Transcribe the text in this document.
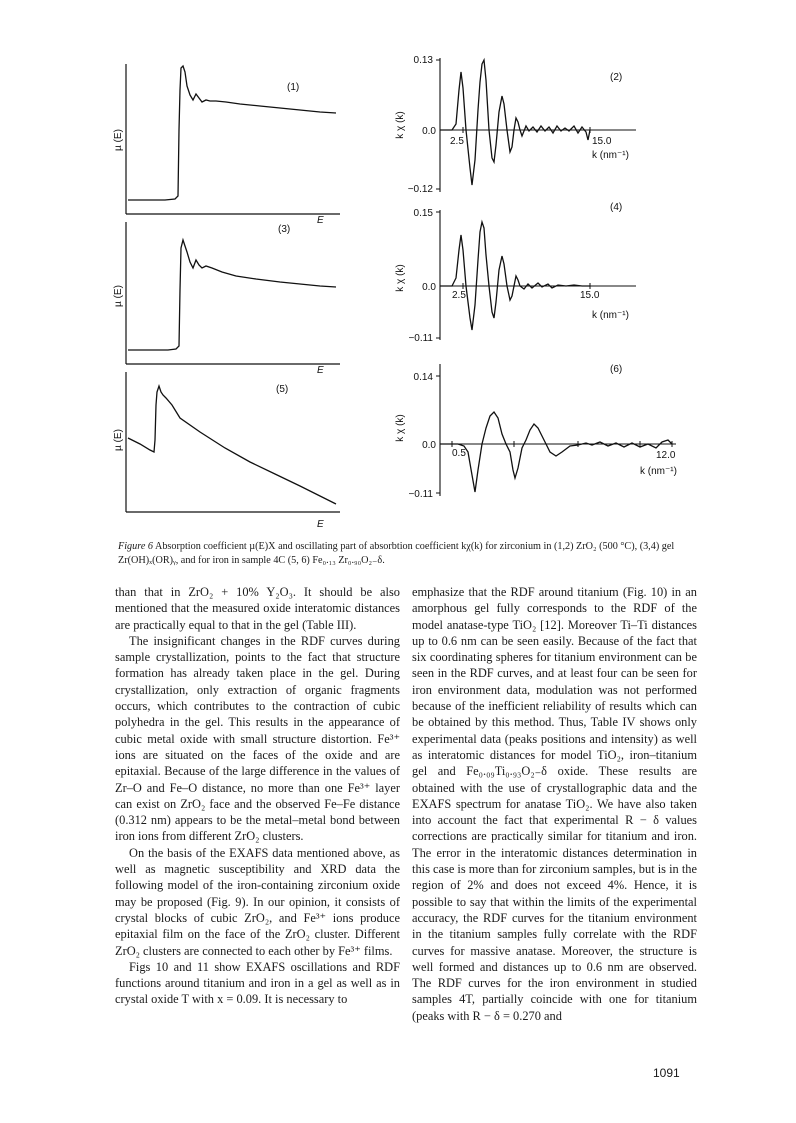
(1)
µ (E)
E
(3)
µ (E)
E
(5)
µ (E)
E
0.13
0.0
−0.12
2.5	15.0
k (nm⁻¹)
k χ (k)
(2)
0.15
0.0
−0.11
2.5	15.0
k (nm⁻¹)
k χ (k)
(4)
0.14
0.0
−0.11
0.5	12.0
k (nm⁻¹)
k χ (k)
(6)
Figure 6 Absorption coefficient µ(E)X and oscillating part of absorbtion coefficient kχ(k) for zirconium in (1,2) ZrO₂ (500 °C), (3,4) gel Zr(OH)ₓ(OR)ᵧ, and for iron in sample 4C (5, 6) Fe₀.₁₃ Zr₀.₉₀O₂₋δ.

than that in ZrO₂ + 10% Y₂O₃. It should be also mentioned that the measured oxide interatomic distances are practically equal to that in the gel (Table III).

The insignificant changes in the RDF curves during sample crystallization, points to the fact that structure formation has already taken place in the gel. During crystallization, only extraction of organic fragments occurs, which contributes to the contraction of cubic polyhedra in the gel. This results in the appearance of cubic metal oxide with small structure distortion. Fe³⁺ ions are situated on the faces of the oxide and are epitaxial. Because of the large difference in the values of Zr–O and Fe–O distance, no more than one Fe³⁺ layer can exist on ZrO₂ face and the observed Fe–Fe distance (0.312 nm) appears to be the metal–metal bond between iron ions from different ZrO₂ clusters.

On the basis of the EXAFS data mentioned above, as well as magnetic susceptibility and XRD data the following model of the iron-containing zirconium oxide may be proposed (Fig. 9). In our opinion, it consists of crystal blocks of cubic ZrO₂, and Fe³⁺ ions produce epitaxial film on the face of the ZrO₂ cluster. Different ZrO₂ clusters are connected to each other by Fe³⁺ films.

Figs 10 and 11 show EXAFS oscillations and RDF functions around titanium and iron in a gel as well as in crystal oxide T with x = 0.09. It is necessary to

emphasize that the RDF around titanium (Fig. 10) in an amorphous gel fully corresponds to the RDF of the model anatase-type TiO₂ [12]. Moreover Ti–Ti distances up to 0.6 nm can be seen easily. Because of the fact that six coordinating spheres for titanium environment can be seen in the RDF curves, and at least four can be seen for iron environment data, modulation was not performed because of the inefficient reliability of results which can be obtained by this method. Thus, Table IV shows only experimental data (peaks positions and intensity) as well as interatomic distances for model TiO₂, iron–titanium gel and Fe₀.₀₉Ti₀.₉₃O₂₋δ oxide. These results are obtained with the use of crystallographic data and the EXAFS spectrum for anatase TiO₂. We have also taken into account the fact that experimental R − δ values corrections are practically similar for titanium and iron. The error in the interatomic distances determination in this case is more than for zirconium samples, but is in the region of 2% and does not exceed 4%. Hence, it is possible to say that within the limits of the experimental accuracy, the RDF curves for the titanium environment in the titanium samples fully correlate with the RDF curves for massive anatase. Moreover, the structure is well formed and distances up to 0.6 nm are observed. The RDF curves for the iron environment in studied samples 4T, partially coincide with one for titanium (peaks with R − δ = 0.270 and

1091
